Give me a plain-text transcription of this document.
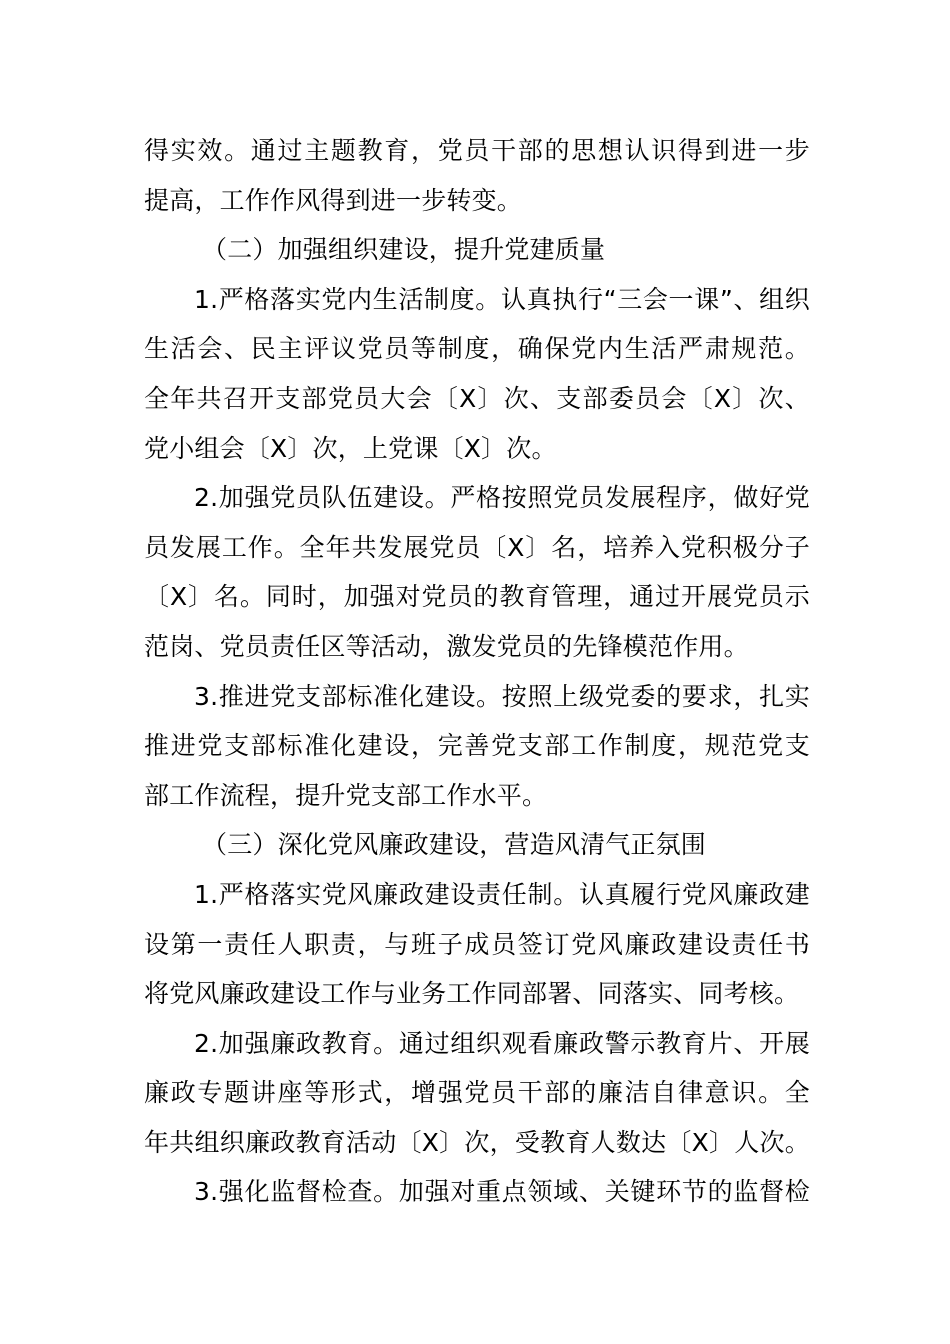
得实效。通过主题教育，党员干部的思想认识得到进一步
提高，工作作风得到进一步转变。
（二）加强组织建设，提升党建质量
1.严格落实党内生活制度。认真执行“三会一课”、组织
生活会、民主评议党员等制度，确保党内生活严肃规范。
全年共召开支部党员大会〔X〕次、支部委员会〔X〕次、
党小组会〔X〕次，上党课〔X〕次。
2.加强党员队伍建设。严格按照党员发展程序，做好党
员发展工作。全年共发展党员〔X〕名，培养入党积极分子
〔X〕名。同时，加强对党员的教育管理，通过开展党员示
范岗、党员责任区等活动，激发党员的先锋模范作用。
3.推进党支部标准化建设。按照上级党委的要求，扎实
推进党支部标准化建设，完善党支部工作制度，规范党支
部工作流程，提升党支部工作水平。
（三）深化党风廉政建设，营造风清气正氛围
1.严格落实党风廉政建设责任制。认真履行党风廉政建
设第一责任人职责，与班子成员签订党风廉政建设责任书
将党风廉政建设工作与业务工作同部署、同落实、同考核。
2.加强廉政教育。通过组织观看廉政警示教育片、开展
廉政专题讲座等形式，增强党员干部的廉洁自律意识。全
年共组织廉政教育活动〔X〕次，受教育人数达〔X〕人次。
3.强化监督检查。加强对重点领域、关键环节的监督检
